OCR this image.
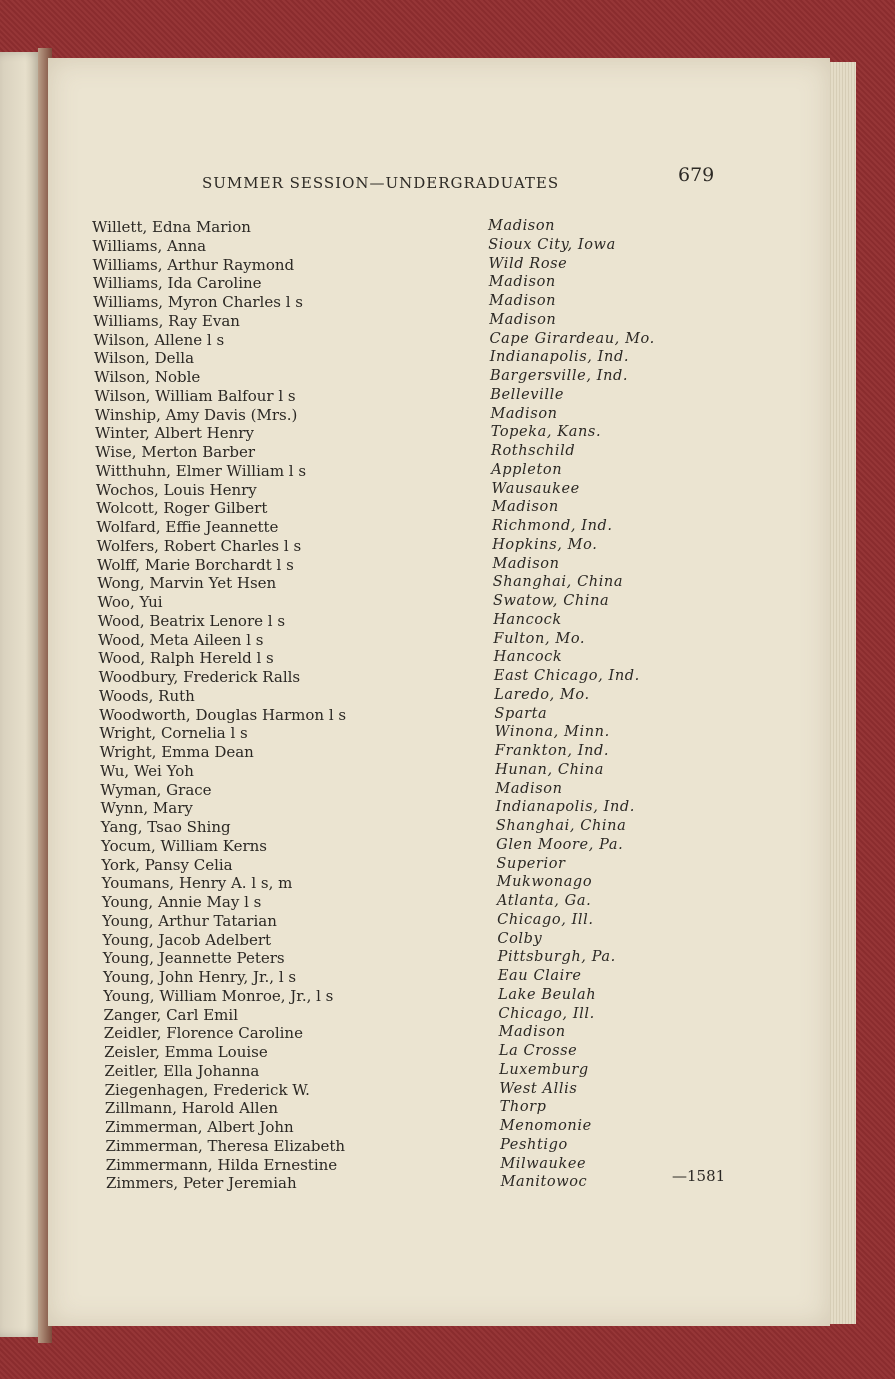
SUMMER SESSION—UNDERGRADUATES	679
Willett, Edna Marion	Madison
Williams, Anna	Sioux City, Iowa
Williams, Arthur Raymond	Wild Rose
Williams, Ida Caroline	Madison
Williams, Myron Charles l s	Madison
Williams, Ray Evan	Madison
Wilson, Allene l s	Cape Girardeau, Mo.
Wilson, Della	Indianapolis, Ind.
Wilson, Noble	Bargersville, Ind.
Wilson, William Balfour l s	Belleville
Winship, Amy Davis (Mrs.)	Madison
Winter, Albert Henry	Topeka, Kans.
Wise, Merton Barber	Rothschild
Witthuhn, Elmer William l s	Appleton
Wochos, Louis Henry	Wausaukee
Wolcott, Roger Gilbert	Madison
Wolfard, Effie Jeannette	Richmond, Ind.
Wolfers, Robert Charles l s	Hopkins, Mo.
Wolff, Marie Borchardt l s	Madison
Wong, Marvin Yet Hsen	Shanghai, China
Woo, Yui	Swatow, China
Wood, Beatrix Lenore l s	Hancock
Wood, Meta Aileen l s	Fulton, Mo.
Wood, Ralph Hereld l s	Hancock
Woodbury, Frederick Ralls	East Chicago, Ind.
Woods, Ruth	Laredo, Mo.
Woodworth, Douglas Harmon l s	Sparta
Wright, Cornelia l s	Winona, Minn.
Wright, Emma Dean	Frankton, Ind.
Wu, Wei Yoh	Hunan, China
Wyman, Grace	Madison
Wynn, Mary	Indianapolis, Ind.
Yang, Tsao Shing	Shanghai, China
Yocum, William Kerns	Glen Moore, Pa.
York, Pansy Celia	Superior
Youmans, Henry A. l s, m	Mukwonago
Young, Annie May l s	Atlanta, Ga.
Young, Arthur Tatarian	Chicago, Ill.
Young, Jacob Adelbert	Colby
Young, Jeannette Peters	Pittsburgh, Pa.
Young, John Henry, Jr., l s	Eau Claire
Young, William Monroe, Jr., l s	Lake Beulah
Zanger, Carl Emil	Chicago, Ill.
Zeidler, Florence Caroline	Madison
Zeisler, Emma Louise	La Crosse
Zeitler, Ella Johanna	Luxemburg
Ziegenhagen, Frederick W.	West Allis
Zillmann, Harold Allen	Thorp
Zimmerman, Albert John	Menomonie
Zimmerman, Theresa Elizabeth	Peshtigo
Zimmermann, Hilda Ernestine	Milwaukee
Zimmers, Peter Jeremiah	Manitowoc	—1581
